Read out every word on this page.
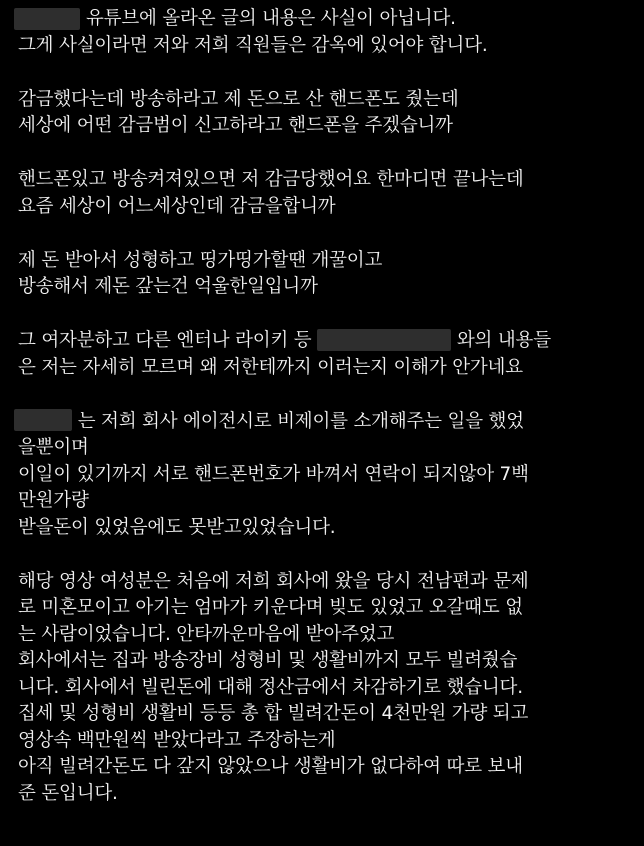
유튜브에 올라온 글의 내용은 사실이 아닙니다.
그게 사실이라면 저와 저희 직원들은 감옥에 있어야 합니다.
감금했다는데 방송하라고 제 돈으로 산 핸드폰도 줬는데
세상에 어떤 감금범이 신고하라고 핸드폰을 주겠습니까
핸드폰있고 방송켜져있으면 저 감금당했어요 한마디면 끝나는데
요즘 세상이 어느세상인데 감금을합니까
제 돈 받아서 성형하고 띵가띵가할땐 개꿀이고
방송해서 제돈 갚는건 억울한일입니까
그 여자분하고 다른 엔터나 라이키 등	와의 내용들
은 저는 자세히 모르며 왜 저한테까지 이러는지 이해가 안가네요
는 저희 회사 에이전시로 비제이를 소개해주는 일을 했었
을뿐이며
이일이 있기까지 서로 핸드폰번호가 바껴서 연락이 되지않아 7백
만원가량
받을돈이 있었음에도 못받고있었습니다.
해당 영상 여성분은 처음에 저희 회사에 왔을 당시 전남편과 문제
로 미혼모이고 아기는 엄마가 키운다며 빚도 있었고 오갈때도 없
는 사람이었습니다. 안타까운마음에 받아주었고
회사에서는 집과 방송장비 성형비 및 생활비까지 모두 빌려줬습
니다. 회사에서 빌린돈에 대해 정산금에서 차감하기로 했습니다.
집세 및 성형비 생활비 등등 총 합 빌려간돈이 4천만원 가량 되고
영상속 백만원씩 받았다라고 주장하는게
아직 빌려간돈도 다 갚지 않았으나 생활비가 없다하여 따로 보내
준 돈입니다.
